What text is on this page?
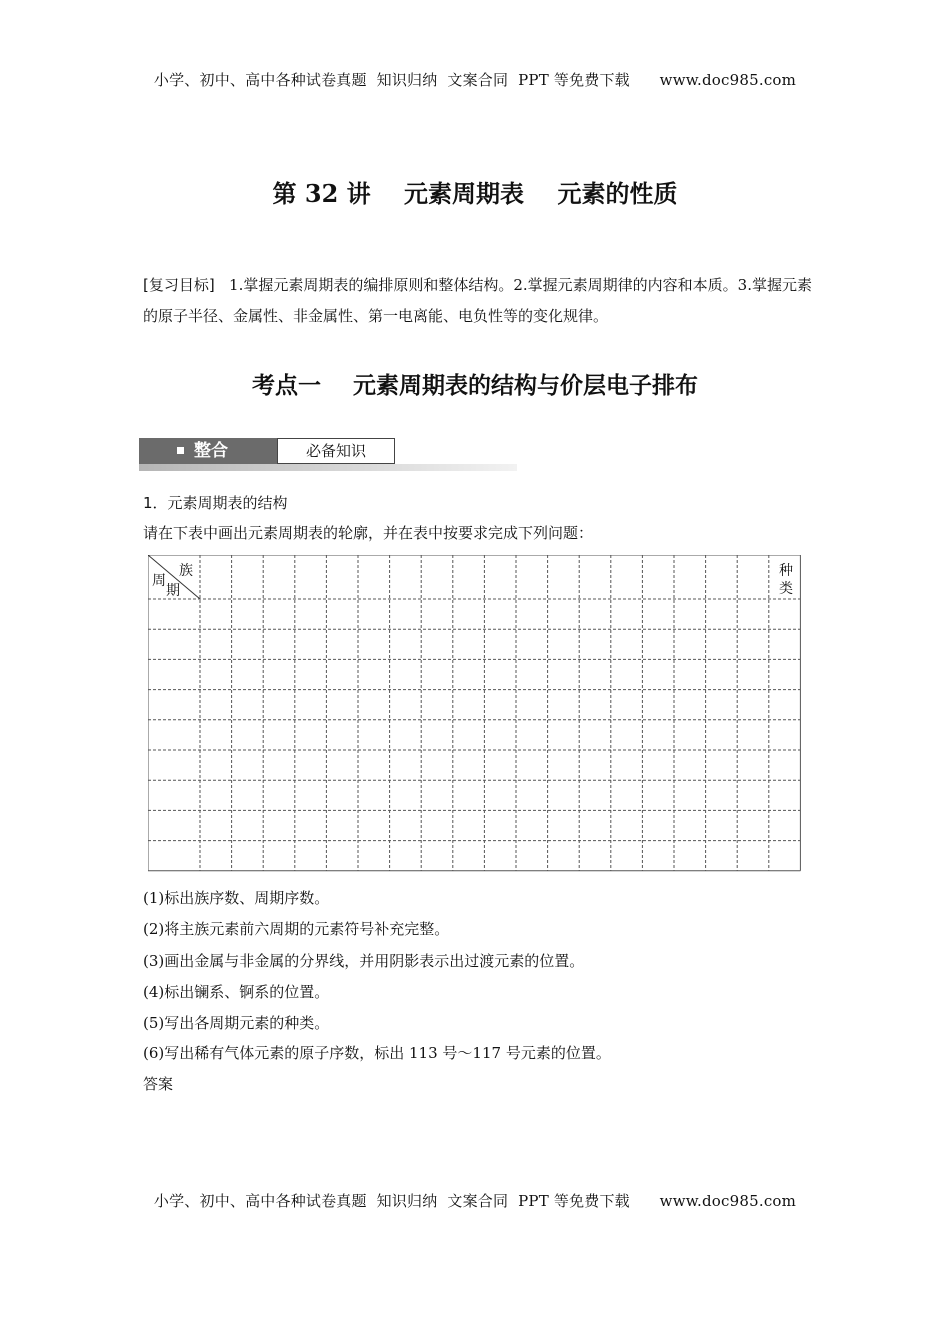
小学、初中、高中各种试卷真题  知识归纳  文案合同  PPT 等免费下载      www.doc985.com
第 32 讲    元素周期表    元素的性质
[复习目标] 1.掌握元素周期表的编排原则和整体结构。2.掌握元素周期律的内容和本质。3.掌握元素的原子半径、金属性、非金属性、第一电离能、电负性等的变化规律。
考点一    元素周期表的结构与价层电子排布
整合	必备知识
1．元素周期表的结构
请在下表中画出元素周期表的轮廓，并在表中按要求完成下列问题：
族
周
期
种
类
(1)标出族序数、周期序数。
(2)将主族元素前六周期的元素符号补充完整。
(3)画出金属与非金属的分界线，并用阴影表示出过渡元素的位置。
(4)标出镧系、锕系的位置。
(5)写出各周期元素的种类。
(6)写出稀有气体元素的原子序数，标出 113 号～117 号元素的位置。
答案
小学、初中、高中各种试卷真题  知识归纳  文案合同  PPT 等免费下载      www.doc985.com
